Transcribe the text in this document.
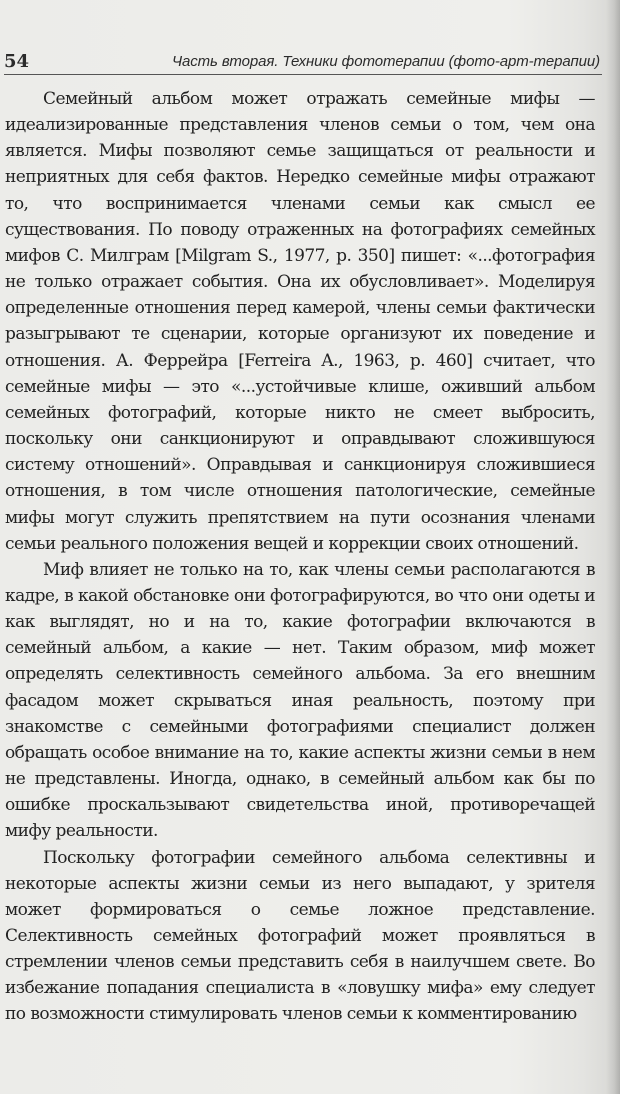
54	Часть вторая. Техники фототерапии (фото-арт-терапии)

Семейный альбом может отражать семейные мифы — идеализированные представления членов семьи о том, чем она является. Мифы позволяют семье защищаться от реальности и неприятных для себя фактов. Нередко семейные мифы отражают то, что воспринимается членами семьи как смысл ее существования. По поводу отраженных на фотографиях семейных мифов С. Милграм [Milgram S., 1977, p. 350] пишет: «...фотография не только отражает события. Она их обусловливает». Моделируя определенные отношения перед камерой, члены семьи фактически разыгрывают те сценарии, которые организуют их поведение и отношения. А. Феррейра [Ferreira A., 1963, p. 460] считает, что семейные мифы — это «...устойчивые клише, оживший альбом семейных фотографий, которые никто не смеет выбросить, поскольку они санкционируют и оправдывают сложившуюся систему отношений». Оправдывая и санкционируя сложившиеся отношения, в том числе отношения патологические, семейные мифы могут служить препятствием на пути осознания членами семьи реального положения вещей и коррекции своих отношений.

Миф влияет не только на то, как члены семьи располагаются в кадре, в какой обстановке они фотографируются, во что они одеты и как выглядят, но и на то, какие фотографии включаются в семейный альбом, а какие — нет. Таким образом, миф может определять селективность семейного альбома. За его внешним фасадом может скрываться иная реальность, поэтому при знакомстве с семейными фотографиями специалист должен обращать особое внимание на то, какие аспекты жизни семьи в нем не представлены. Иногда, однако, в семейный альбом как бы по ошибке проскальзывают свидетельства иной, противоречащей мифу реальности.

Поскольку фотографии семейного альбома селективны и некоторые аспекты жизни семьи из него выпадают, у зрителя может формироваться о семье ложное представление. Селективность семейных фотографий может проявляться в стремлении членов семьи представить себя в наилучшем свете. Во избежание попадания специалиста в «ловушку мифа» ему следует по возможности стимулировать членов семьи к комментированию
